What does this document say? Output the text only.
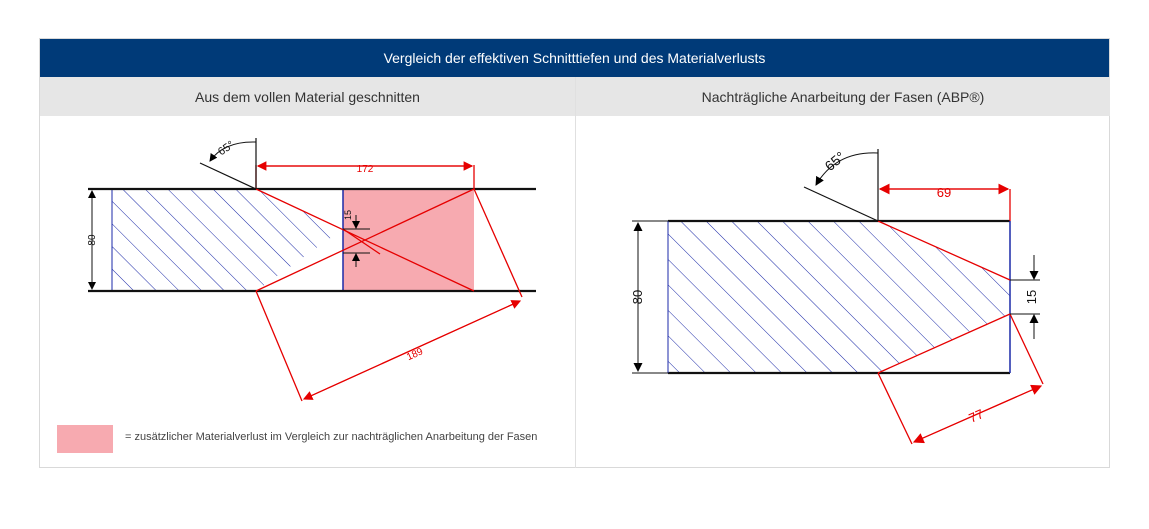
Vergleich der effektiven Schnitttiefen und des Materialverlusts
Aus dem vollen Material geschnitten	Nachträgliche Anarbeitung der Fasen (ABP®)
172
189
80
15
65°
69
77
80	15
65°
= zusätzlicher Materialverlust im Vergleich zur nachträglichen Anarbeitung der Fasen
